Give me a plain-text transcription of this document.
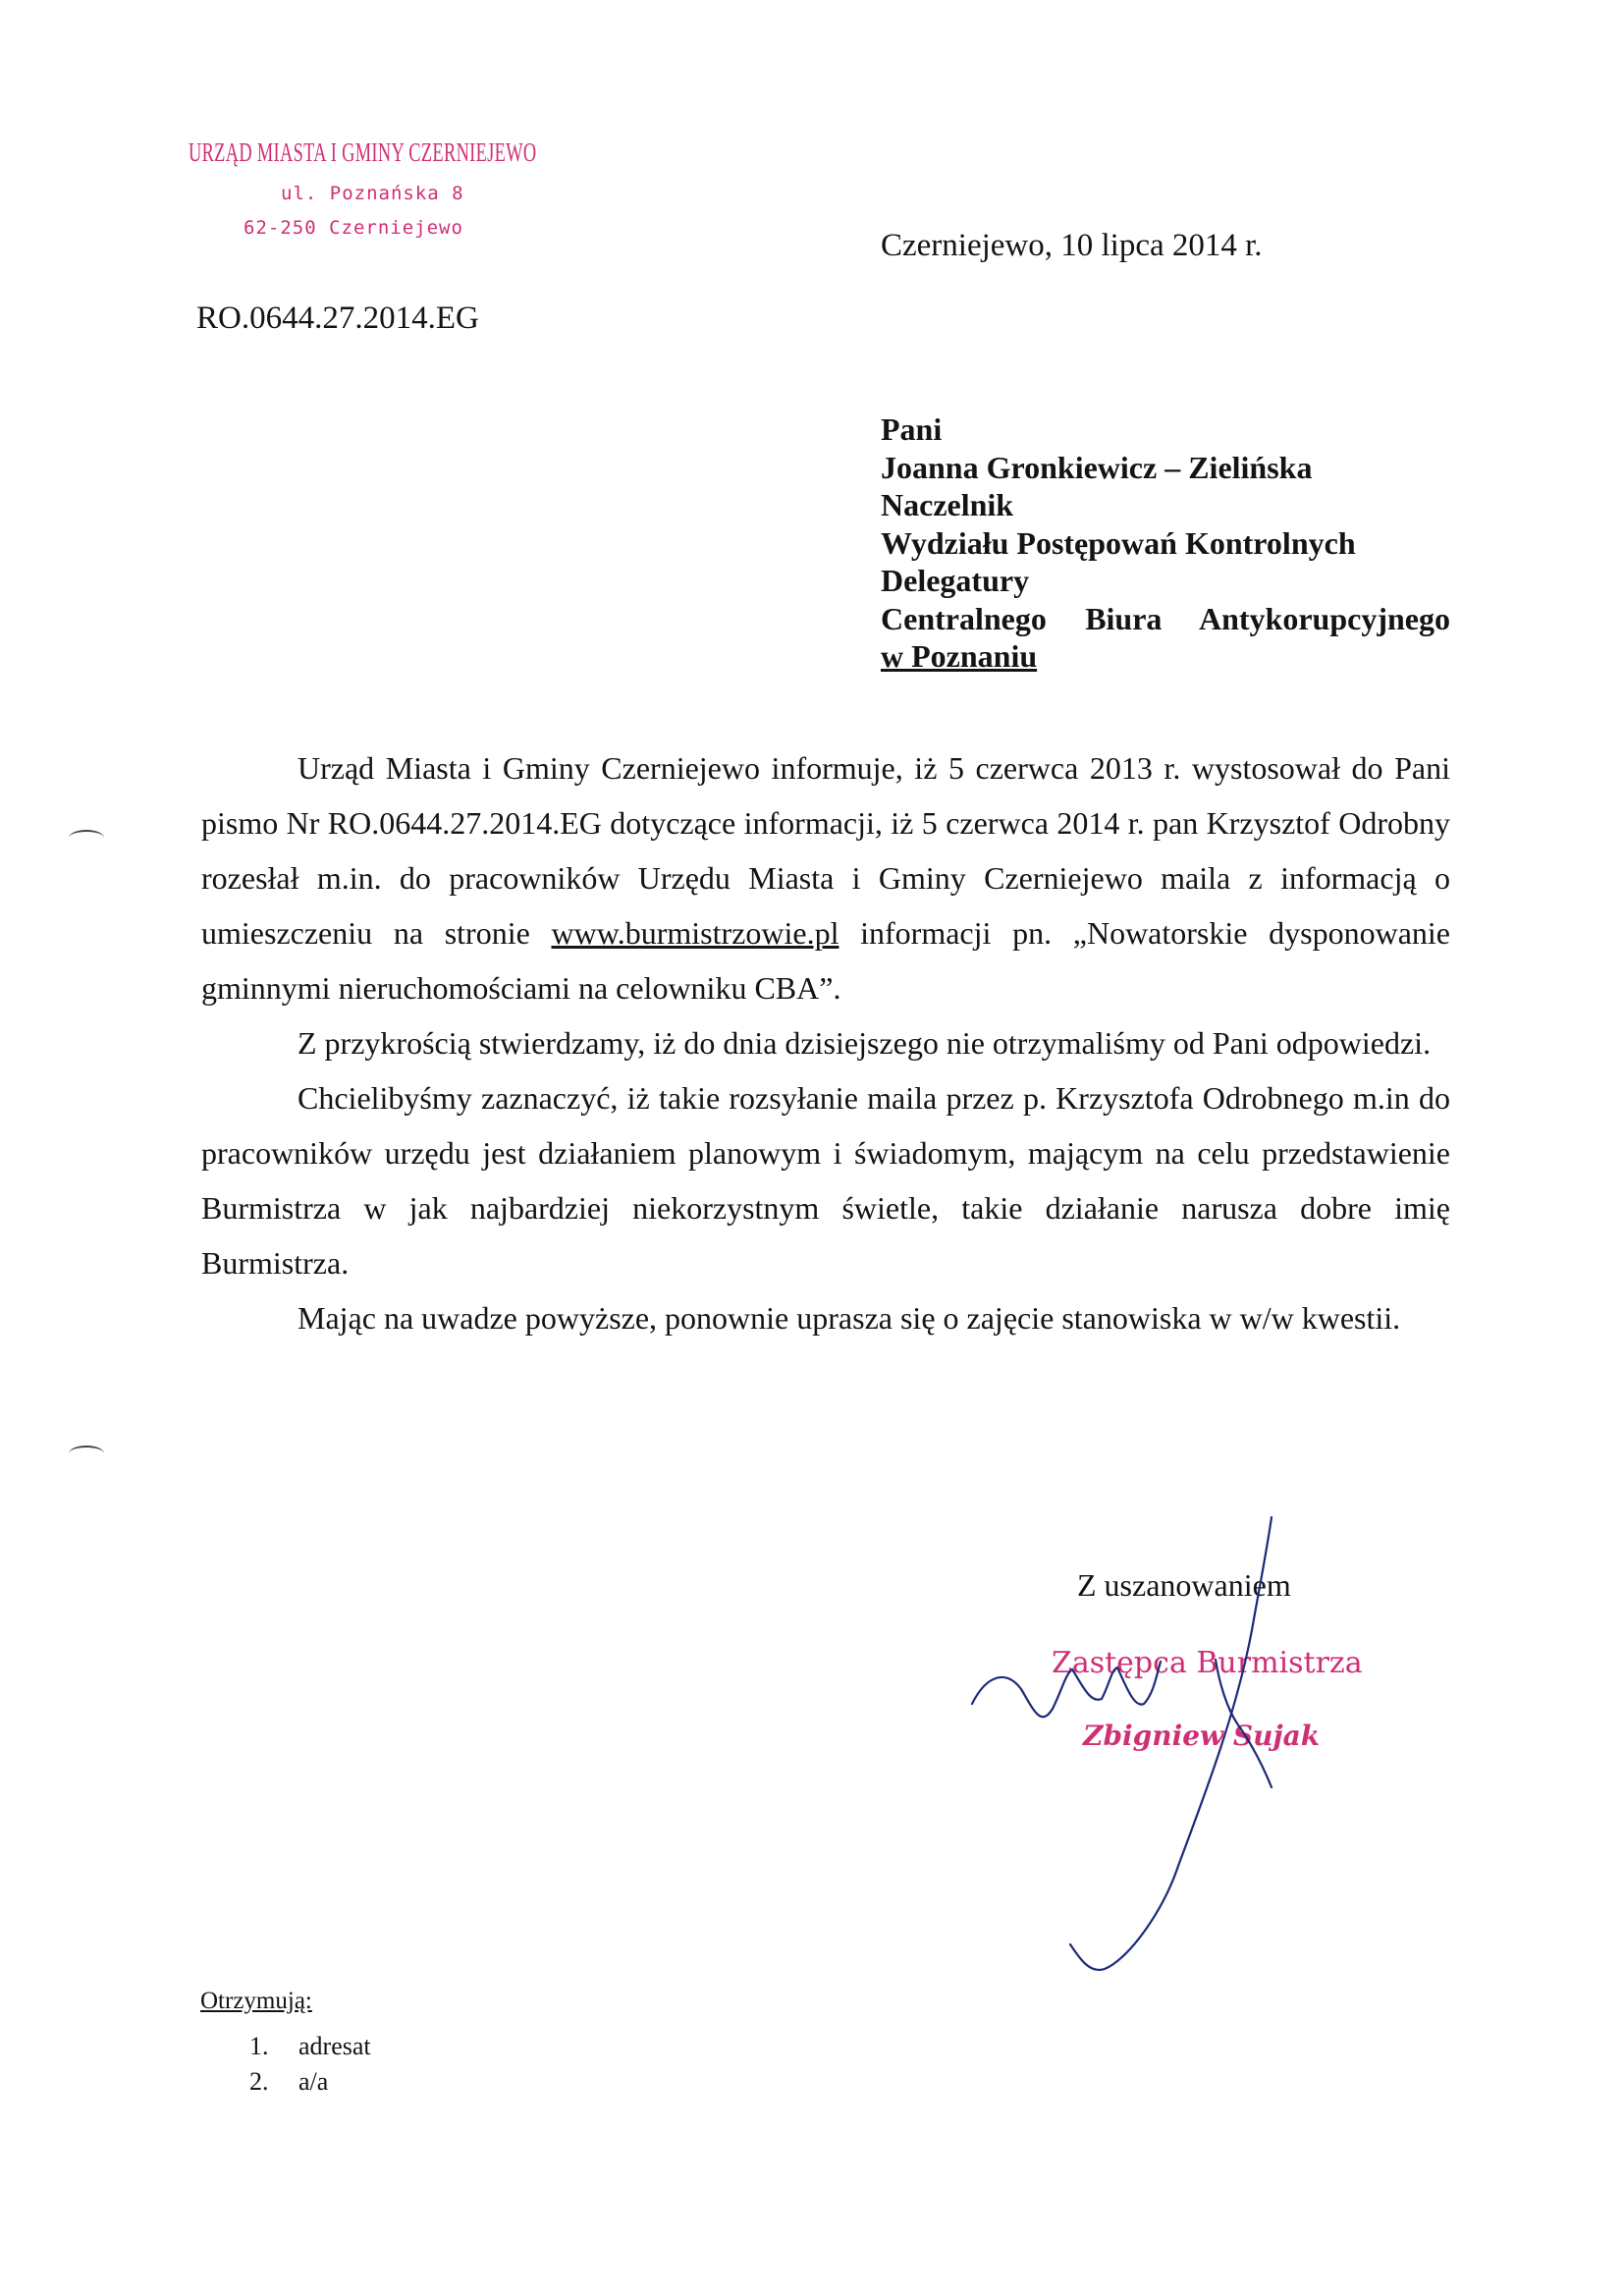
URZĄD MIASTA I GMINY CZERNIEJEWO
ul. Poznańska 8
62-250 Czerniejewo	Czerniejewo, 10 lipca 2014 r.
RO.0644.27.2014.EG
Pani
Joanna Gronkiewicz – Zielińska
Naczelnik
Wydziału Postępowań Kontrolnych
Delegatury
Centralnego Biura Antykorupcyjnego
w Poznaniu

Urząd Miasta i Gminy Czerniejewo informuje, iż 5 czerwca 2013 r. wystosował do Pani pismo Nr RO.0644.27.2014.EG dotyczące informacji, iż 5 czerwca 2014 r. pan Krzysztof Odrobny rozesłał m.in. do pracowników Urzędu Miasta i Gminy Czerniejewo maila z informacją o umieszczeniu na stronie www.burmistrzowie.pl informacji pn. „Nowatorskie dysponowanie gminnymi nieruchomościami na celowniku CBA”.

Z przykrością stwierdzamy, iż do dnia dzisiejszego nie otrzymaliśmy od Pani odpowiedzi.

Chcielibyśmy zaznaczyć, iż takie rozsyłanie maila przez p. Krzysztofa Odrobnego m.in do pracowników urzędu jest działaniem planowym i świadomym, mającym na celu przedstawienie Burmistrza w jak najbardziej niekorzystnym świetle, takie działanie narusza dobre imię Burmistrza.

Mając na uwadze powyższe, ponownie uprasza się o zajęcie stanowiska w w/w kwestii.

Z uszanowaniem
Zastępca Burmistrza
Zbigniew Sujak
Otrzymują:
1.	adresat
2.	a/a
